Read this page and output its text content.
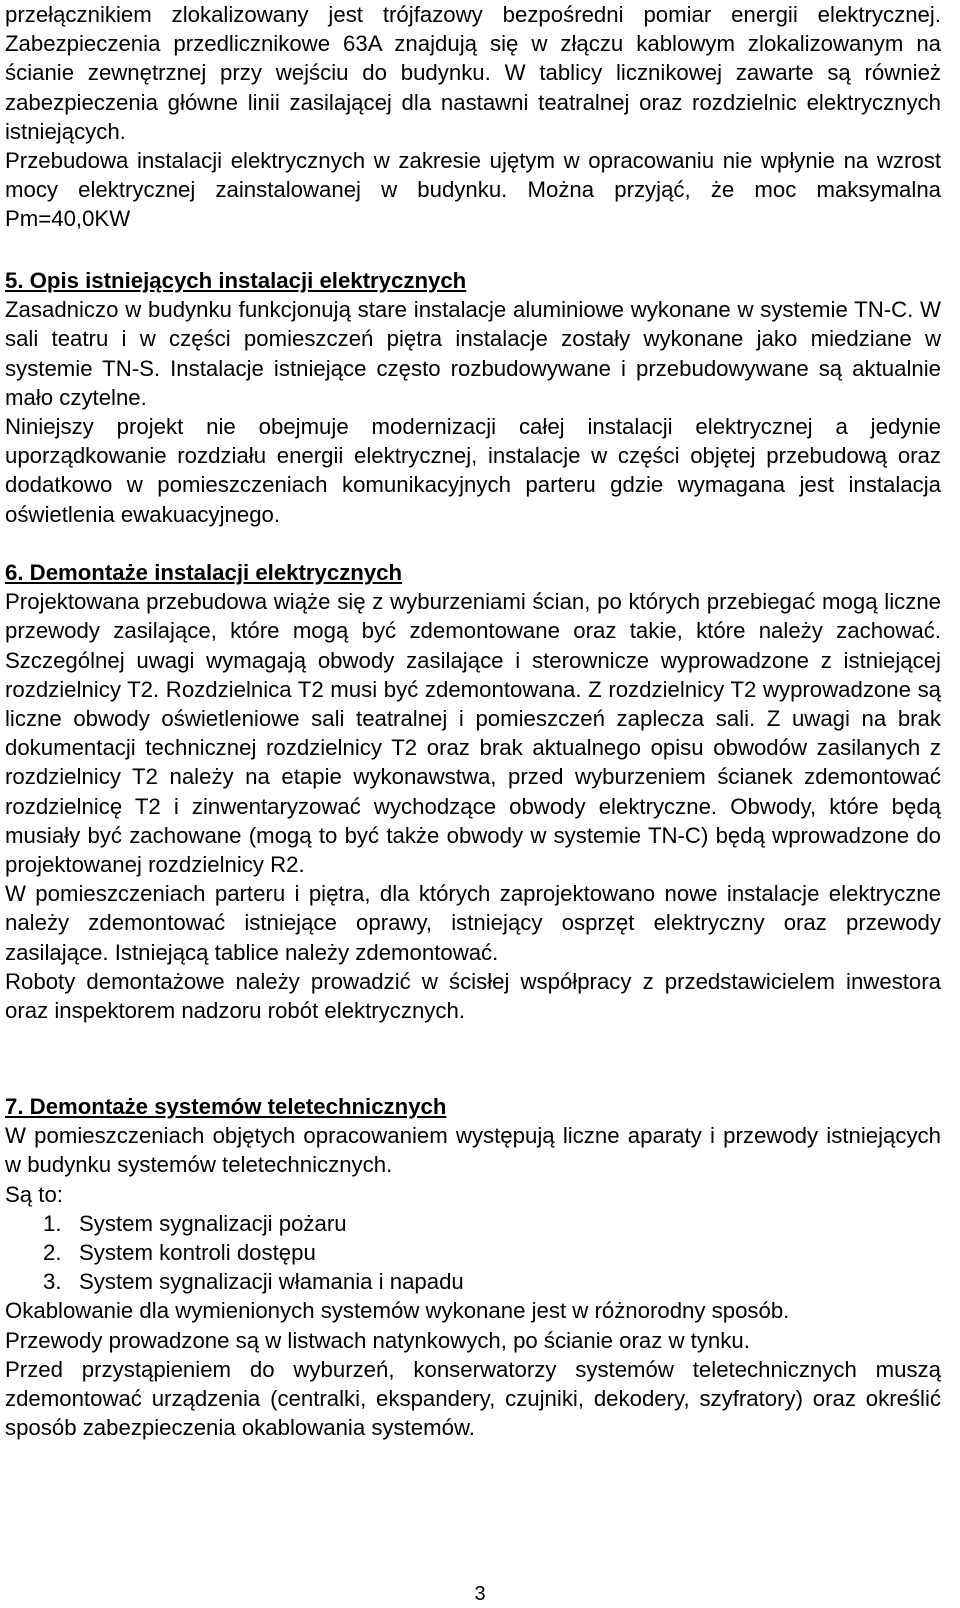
przełącznikiem zlokalizowany jest trójfazowy bezpośredni pomiar energii elektrycznej. Zabezpieczenia przedlicznikowe 63A znajdują się w złączu kablowym zlokalizowanym na ścianie zewnętrznej przy wejściu do budynku. W tablicy licznikowej zawarte są również zabezpieczenia główne linii zasilającej dla nastawni teatralnej oraz rozdzielnic elektrycznych istniejących.

Przebudowa instalacji elektrycznych w zakresie ujętym w opracowaniu nie wpłynie na wzrost mocy elektrycznej zainstalowanej w budynku. Można przyjąć, że moc maksymalna Pm=40,0KW

5. Opis istniejących instalacji elektrycznych

Zasadniczo w budynku funkcjonują stare instalacje aluminiowe wykonane w systemie TN-C. W sali teatru i w części pomieszczeń piętra instalacje zostały wykonane jako miedziane w systemie TN-S. Instalacje istniejące często rozbudowywane i przebudowywane są aktualnie mało czytelne.

Niniejszy projekt nie obejmuje modernizacji całej instalacji elektrycznej a jedynie uporządkowanie rozdziału energii elektrycznej, instalacje w części objętej przebudową oraz dodatkowo w pomieszczeniach komunikacyjnych parteru gdzie wymagana jest instalacja oświetlenia ewakuacyjnego.

6. Demontaże instalacji elektrycznych

Projektowana przebudowa wiąże się z wyburzeniami ścian, po których przebiegać mogą liczne przewody zasilające, które mogą być zdemontowane oraz takie, które należy zachować. Szczególnej uwagi wymagają obwody zasilające i sterownicze wyprowadzone z istniejącej rozdzielnicy T2. Rozdzielnica T2 musi być zdemontowana. Z rozdzielnicy T2 wyprowadzone są liczne obwody oświetleniowe sali teatralnej i pomieszczeń zaplecza sali. Z uwagi na brak dokumentacji technicznej rozdzielnicy T2 oraz brak aktualnego opisu obwodów zasilanych z rozdzielnicy T2 należy na etapie wykonawstwa, przed wyburzeniem ścianek zdemontować rozdzielnicę T2 i zinwentaryzować wychodzące obwody elektryczne. Obwody, które będą musiały być zachowane (mogą to być także obwody w systemie TN-C) będą wprowadzone do projektowanej rozdzielnicy R2.

W pomieszczeniach parteru i piętra, dla których zaprojektowano nowe instalacje elektryczne należy zdemontować istniejące oprawy, istniejący osprzęt elektryczny oraz przewody zasilające. Istniejącą tablice należy zdemontować.

Roboty demontażowe należy prowadzić w ścisłej współpracy z przedstawicielem inwestora oraz inspektorem nadzoru robót elektrycznych.

7. Demontaże systemów teletechnicznych

W pomieszczeniach objętych opracowaniem występują liczne aparaty i przewody istniejących w budynku systemów teletechnicznych.

Są to:
1. System sygnalizacji pożaru
2. System kontroli dostępu
3. System sygnalizacji włamania i napadu

Okablowanie dla wymienionych systemów wykonane jest w różnorodny sposób.

Przewody prowadzone są w listwach natynkowych, po ścianie oraz w tynku.

Przed przystąpieniem do wyburzeń, konserwatorzy systemów teletechnicznych muszą zdemontować urządzenia (centralki, ekspandery, czujniki, dekodery, szyfratory) oraz określić sposób zabezpieczenia okablowania systemów.

3
